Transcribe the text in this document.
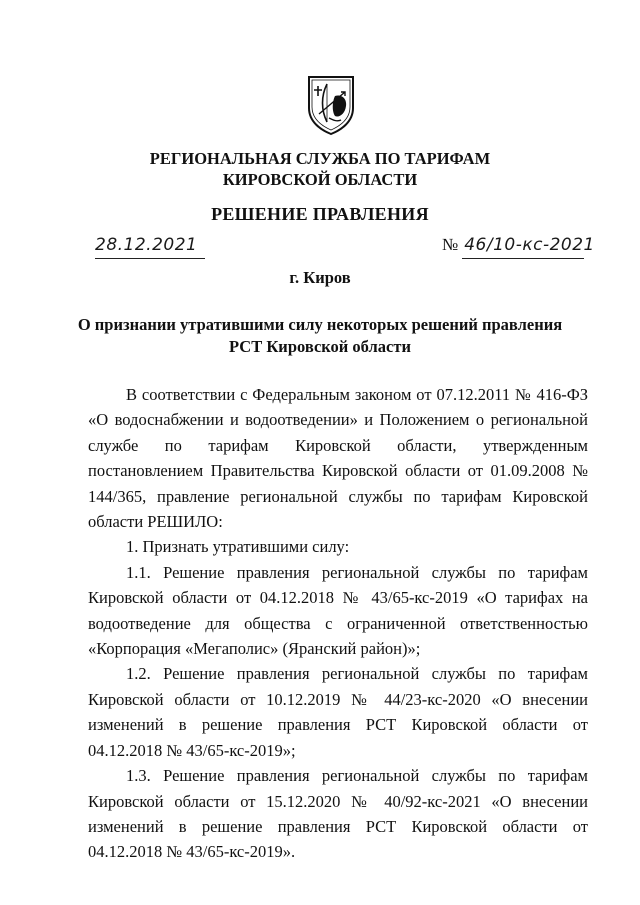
РЕГИОНАЛЬНАЯ СЛУЖБА ПО ТАРИФАМ
КИРОВСКОЙ ОБЛАСТИ
РЕШЕНИЕ ПРАВЛЕНИЯ
28.12.2021	№ 46/10-кс-2021
г. Киров
О признании утратившими силу некоторых решений правления
РСТ Кировской области

В соответствии с Федеральным законом от 07.12.2011 № 416-ФЗ «О водоснабжении и водоотведении» и Положением о региональной службе по тарифам Кировской области, утвержденным постановлением Правительства Кировской области от 01.09.2008 № 144/365, правление региональной службы по тарифам Кировской области РЕШИЛО:

1. Признать утратившими силу:

1.1. Решение правления региональной службы по тарифам Кировской области от 04.12.2018 № 43/65-кс-2019 «О тарифах на водоотведение для общества с ограниченной ответственностью «Корпорация «Мегаполис» (Яранский район)»;

1.2. Решение правления региональной службы по тарифам Кировской области от 10.12.2019 № 44/23-кс-2020 «О внесении изменений в решение правления РСТ Кировской области от 04.12.2018 № 43/65-кс-2019»;

1.3. Решение правления региональной службы по тарифам Кировской области от 15.12.2020 № 40/92-кс-2021 «О внесении изменений в решение правления РСТ Кировской области от 04.12.2018 № 43/65-кс-2019».
